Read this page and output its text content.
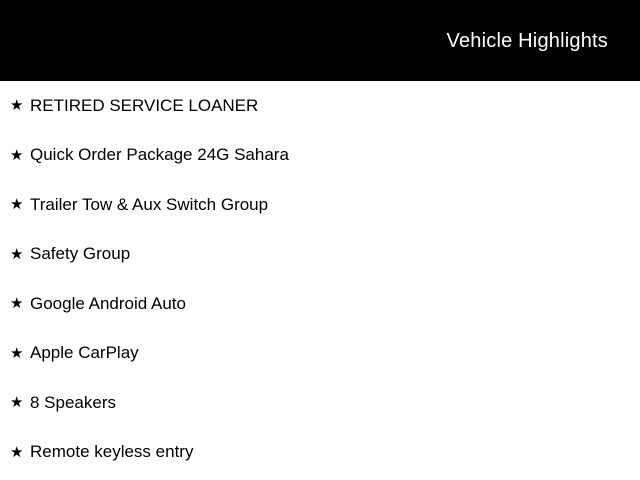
Vehicle Highlights
★ RETIRED SERVICE LOANER
★ Quick Order Package 24G Sahara
★ Trailer Tow & Aux Switch Group
★ Safety Group
★ Google Android Auto
★ Apple CarPlay
★ 8 Speakers
★ Remote keyless entry
